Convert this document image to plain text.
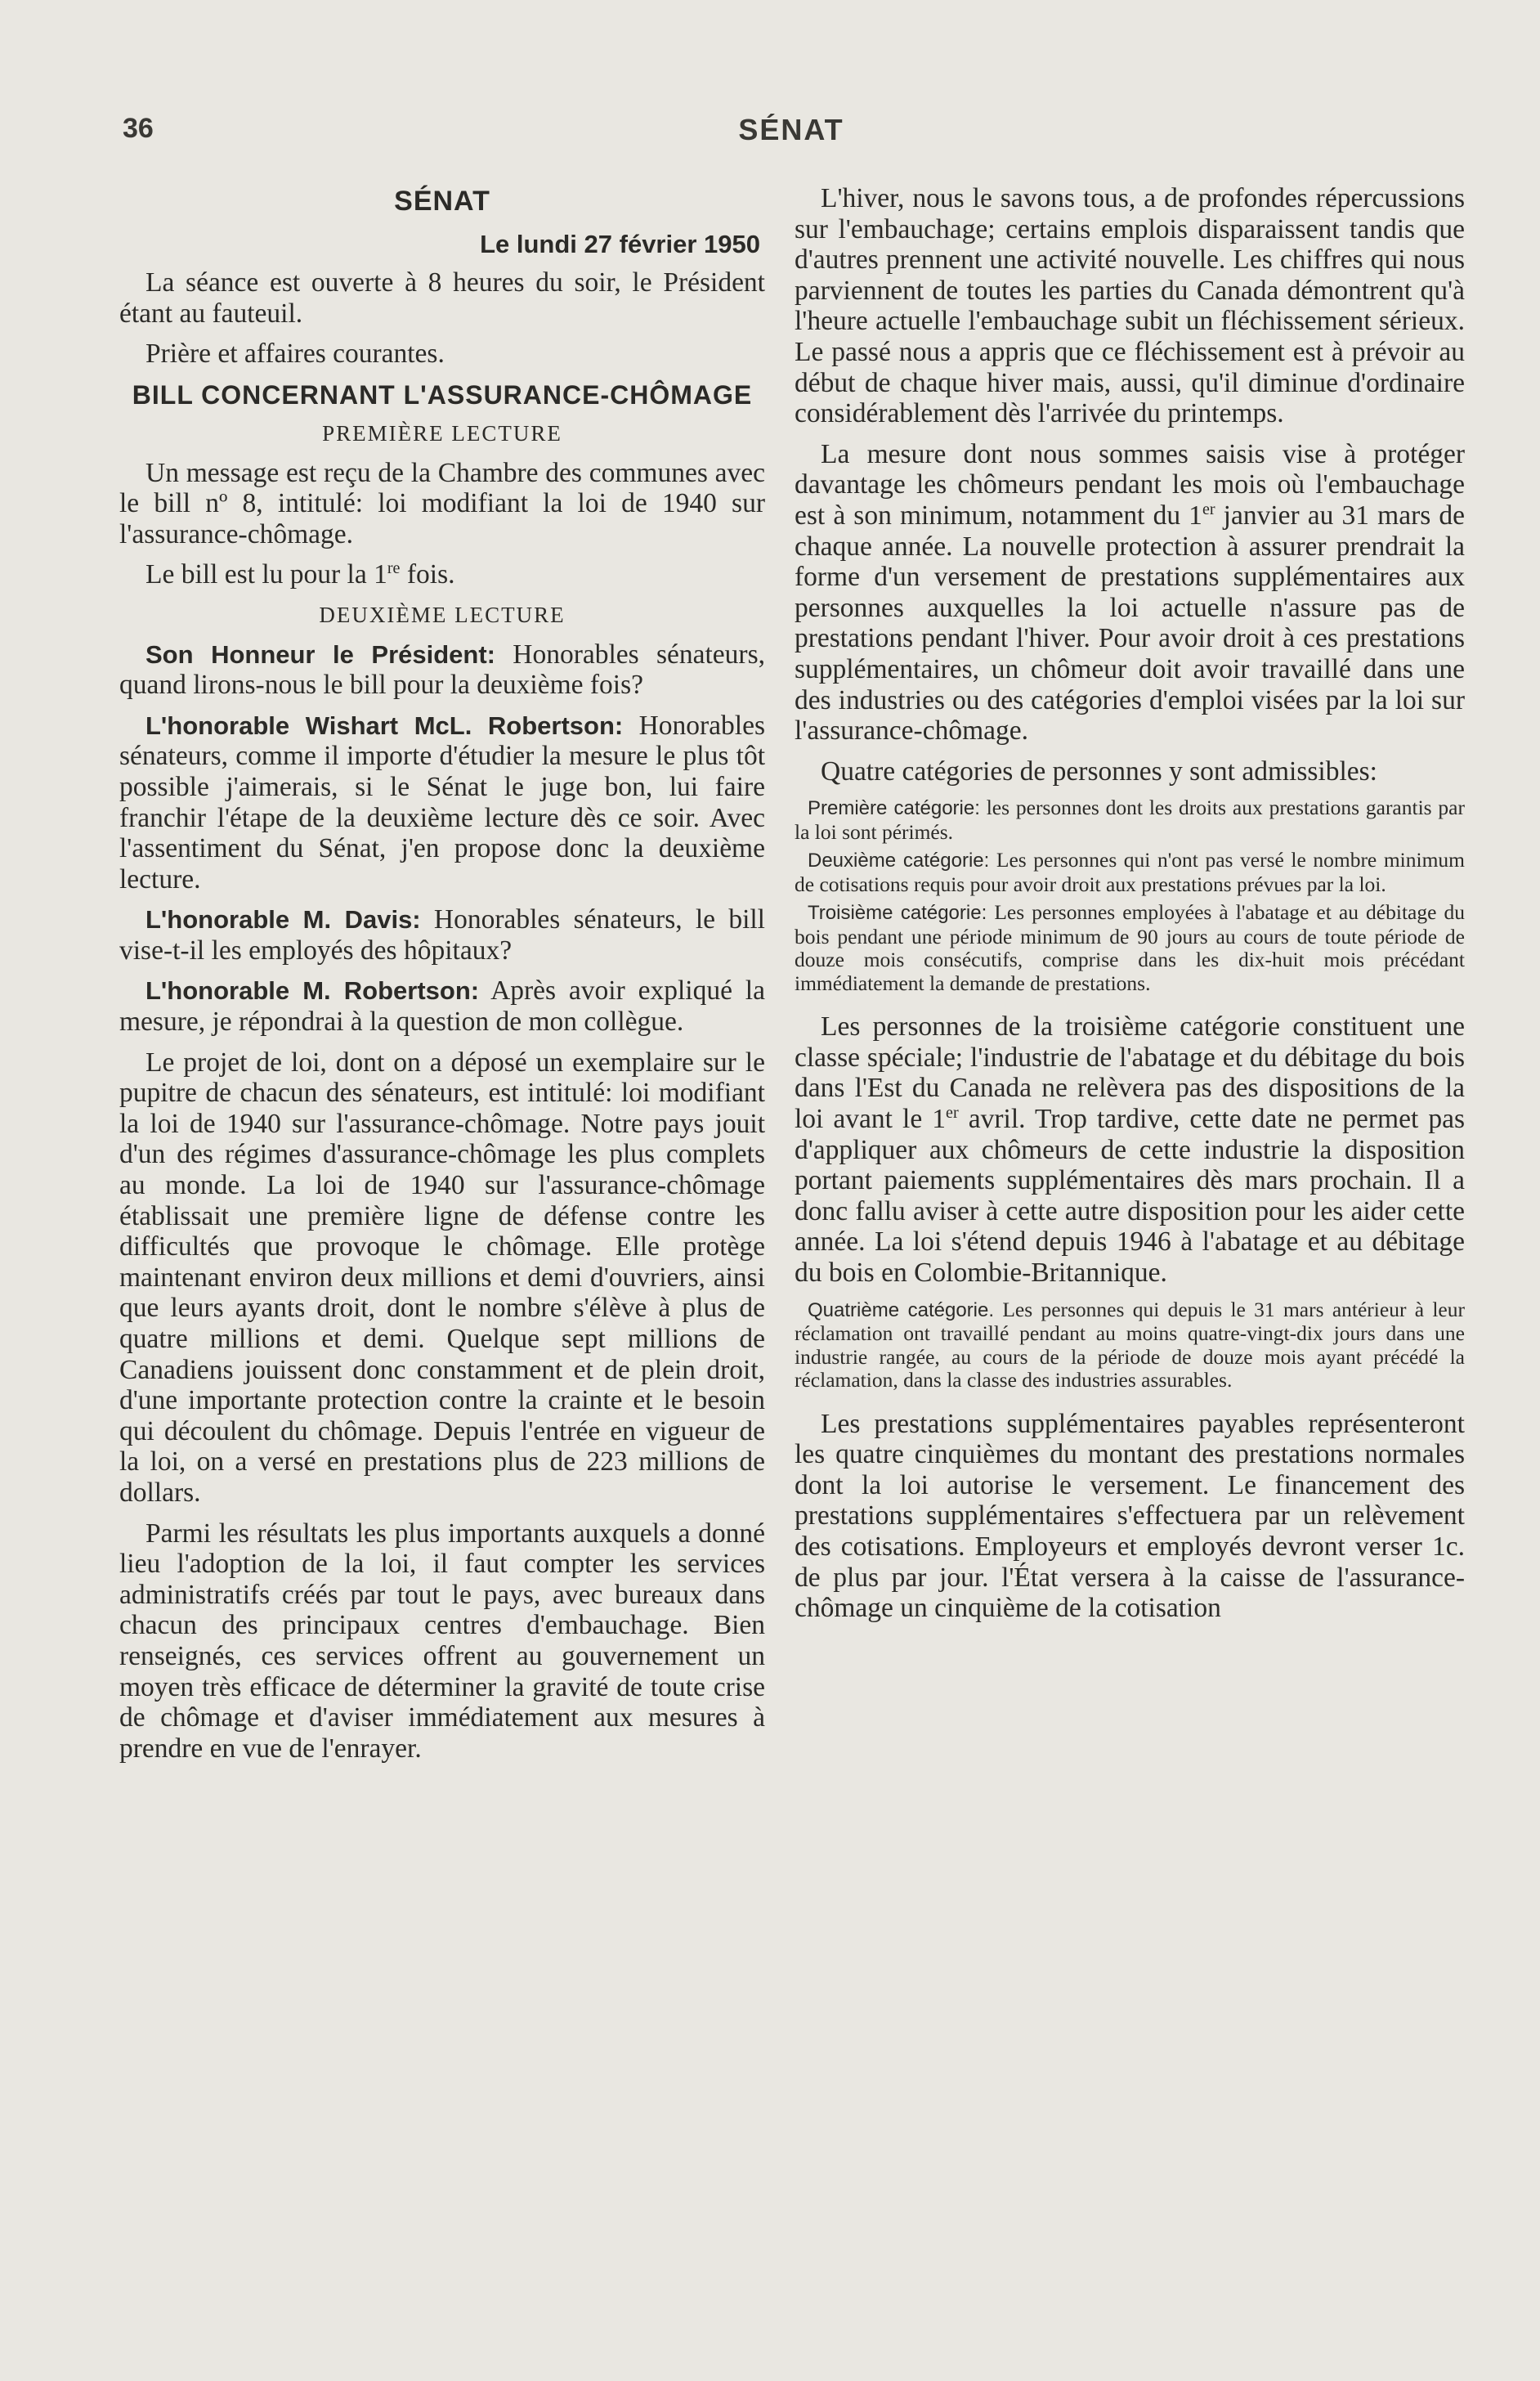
36	SÉNAT
SÉNAT
Le lundi 27 février 1950

La séance est ouverte à 8 heures du soir, le Président étant au fauteuil.

Prière et affaires courantes.

BILL CONCERNANT L'ASSURANCE-CHÔMAGE
PREMIÈRE LECTURE

Un message est reçu de la Chambre des communes avec le bill nº 8, intitulé: loi modifiant la loi de 1940 sur l'assurance-chômage.

Le bill est lu pour la 1re fois.

DEUXIÈME LECTURE

Son Honneur le Président: Honorables sénateurs, quand lirons-nous le bill pour la deuxième fois?

L'honorable Wishart McL. Robertson: Honorables sénateurs, comme il importe d'étudier la mesure le plus tôt possible j'aimerais, si le Sénat le juge bon, lui faire franchir l'étape de la deuxième lecture dès ce soir. Avec l'assentiment du Sénat, j'en propose donc la deuxième lecture.

L'honorable M. Davis: Honorables sénateurs, le bill vise-t-il les employés des hôpitaux?

L'honorable M. Robertson: Après avoir expliqué la mesure, je répondrai à la question de mon collègue.

Le projet de loi, dont on a déposé un exemplaire sur le pupitre de chacun des sénateurs, est intitulé: loi modifiant la loi de 1940 sur l'assurance-chômage. Notre pays jouit d'un des régimes d'assurance-chômage les plus complets au monde. La loi de 1940 sur l'assurance-chômage établissait une première ligne de défense contre les difficultés que provoque le chômage. Elle protège maintenant environ deux millions et demi d'ouvriers, ainsi que leurs ayants droit, dont le nombre s'élève à plus de quatre millions et demi. Quelque sept millions de Canadiens jouissent donc constamment et de plein droit, d'une importante protection contre la crainte et le besoin qui découlent du chômage. Depuis l'entrée en vigueur de la loi, on a versé en prestations plus de 223 millions de dollars.

Parmi les résultats les plus importants auxquels a donné lieu l'adoption de la loi, il faut compter les services administratifs créés par tout le pays, avec bureaux dans chacun des principaux centres d'embauchage. Bien renseignés, ces services offrent au gouvernement un moyen très efficace de déterminer la gravité de toute crise de chômage et d'aviser immédiatement aux mesures à prendre en vue de l'enrayer.

L'hiver, nous le savons tous, a de profondes répercussions sur l'embauchage; certains emplois disparaissent tandis que d'autres prennent une activité nouvelle. Les chiffres qui nous parviennent de toutes les parties du Canada démontrent qu'à l'heure actuelle l'embauchage subit un fléchissement sérieux. Le passé nous a appris que ce fléchissement est à prévoir au début de chaque hiver mais, aussi, qu'il diminue d'ordinaire considérablement dès l'arrivée du printemps.

La mesure dont nous sommes saisis vise à protéger davantage les chômeurs pendant les mois où l'embauchage est à son minimum, notamment du 1er janvier au 31 mars de chaque année. La nouvelle protection à assurer prendrait la forme d'un versement de prestations supplémentaires aux personnes auxquelles la loi actuelle n'assure pas de prestations pendant l'hiver. Pour avoir droit à ces prestations supplémentaires, un chômeur doit avoir travaillé dans une des industries ou des catégories d'emploi visées par la loi sur l'assurance-chômage.

Quatre catégories de personnes y sont admissibles:

Première catégorie: les personnes dont les droits aux prestations garantis par la loi sont périmés.
Deuxième catégorie: Les personnes qui n'ont pas versé le nombre minimum de cotisations requis pour avoir droit aux prestations prévues par la loi.
Troisième catégorie: Les personnes employées à l'abatage et au débitage du bois pendant une période minimum de 90 jours au cours de toute période de douze mois consécutifs, comprise dans les dix-huit mois précédant immédiatement la demande de prestations.

Les personnes de la troisième catégorie constituent une classe spéciale; l'industrie de l'abatage et du débitage du bois dans l'Est du Canada ne relèvera pas des dispositions de la loi avant le 1er avril. Trop tardive, cette date ne permet pas d'appliquer aux chômeurs de cette industrie la disposition portant paiements supplémentaires dès mars prochain. Il a donc fallu aviser à cette autre disposition pour les aider cette année. La loi s'étend depuis 1946 à l'abatage et au débitage du bois en Colombie-Britannique.

Quatrième catégorie. Les personnes qui depuis le 31 mars antérieur à leur réclamation ont travaillé pendant au moins quatre-vingt-dix jours dans une industrie rangée, au cours de la période de douze mois ayant précédé la réclamation, dans la classe des industries assurables.

Les prestations supplémentaires payables représenteront les quatre cinquièmes du montant des prestations normales dont la loi autorise le versement. Le financement des prestations supplémentaires s'effectuera par un relèvement des cotisations. Employeurs et employés devront verser 1c. de plus par jour. l'État versera à la caisse de l'assurance-chômage un cinquième de la cotisation
